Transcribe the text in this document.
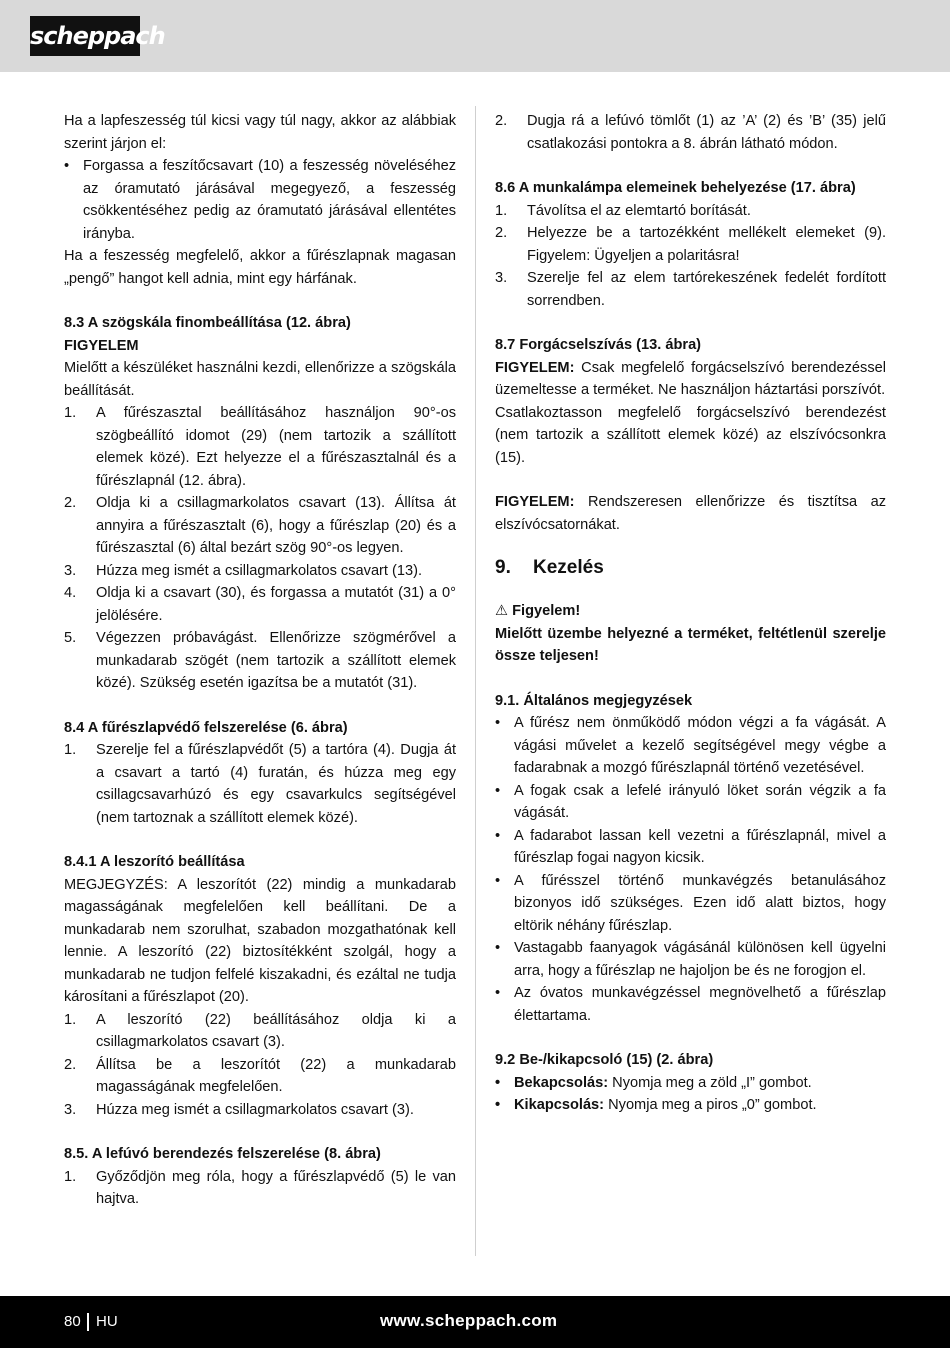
scheppach

Ha a lapfeszesség túl kicsi vagy túl nagy, akkor az alábbiak szerint járjon el:

• Forgassa a feszítőcsavart (10) a feszesség növeléséhez az óramutató járásával megegyező, a feszesség csökkentéséhez pedig az óramutató járásával ellentétes irányba.

Ha a feszesség megfelelő, akkor a fűrészlapnak magasan „pengő” hangot kell adnia, mint egy hárfának.

8.3 A szögskála finombeállítása (12. ábra)
FIGYELEM

Mielőtt a készüléket használni kezdi, ellenőrizze a szögskála beállítását.

1.	A fűrészasztal beállításához használjon 90°-os szögbeállító idomot (29) (nem tartozik a szállított elemek közé). Ezt helyezze el a fűrészasztalnál és a fűrészlapnál (12. ábra).
2.	Oldja ki a csillagmarkolatos csavart (13). Állítsa át annyira a fűrészasztalt (6), hogy a fűrészlap (20) és a fűrészasztal (6) által bezárt szög 90°-os legyen.
3.	Húzza meg ismét a csillagmarkolatos csavart (13).
4.	Oldja ki a csavart (30), és forgassa a mutatót (31) a 0° jelölésére.
5.	Végezzen próbavágást. Ellenőrizze szögmérővel a munkadarab szögét (nem tartozik a szállított elemek közé). Szükség esetén igazítsa be a mutatót (31).
8.4 A fűrészlapvédő felszerelése (6. ábra)
1.	Szerelje fel a fűrészlapvédőt (5) a tartóra (4). Dugja át a csavart a tartó (4) furatán, és húzza meg egy csillagcsavarhúzó és egy csavarkulcs segítségével (nem tartoznak a szállított elemek közé).
8.4.1 A leszorító beállítása

MEGJEGYZÉS: A leszorítót (22) mindig a munkadarab magasságának megfelelően kell beállítani. De a munkadarab nem szorulhat, szabadon mozgathatónak kell lennie. A leszorító (22) biztosítékként szolgál, hogy a munkadarab ne tudjon felfelé kiszakadni, és ezáltal ne tudja károsítani a fűrészlapot (20).

1.	A leszorító (22) beállításához oldja ki a csillagmarkolatos csavart (3).
2.	Állítsa be a leszorítót (22) a munkadarab magasságának megfelelően.
3.	Húzza meg ismét a csillagmarkolatos csavart (3).
8.5. A lefúvó berendezés felszerelése (8. ábra)
1.	Győződjön meg róla, hogy a fűrészlapvédő (5) le van hajtva.
2.	Dugja rá a lefúvó tömlőt (1) az ’A’ (2) és ’B’ (35) jelű csatlakozási pontokra a 8. ábrán látható módon.
8.6 A munkalámpa elemeinek behelyezése (17. ábra)
1.	Távolítsa el az elemtartó borítását.
2.	Helyezze be a tartozékként mellékelt elemeket (9). Figyelem: Ügyeljen a polaritásra!
3.	Szerelje fel az elem tartórekeszének fedelét fordított sorrendben.
8.7 Forgácselszívás (13. ábra)

FIGYELEM: Csak megfelelő forgácselszívó berendezéssel üzemeltesse a terméket. Ne használjon háztartási porszívót.

Csatlakoztasson megfelelő forgácselszívó berendezést (nem tartozik a szállított elemek közé) az elszívócsonkra (15).

FIGYELEM: Rendszeresen ellenőrizze és tisztítsa az elszívócsatornákat.

9. Kezelés
⚠ Figyelem!
Mielőtt üzembe helyezné a terméket, feltétlenül szerelje össze teljesen!
9.1. Általános megjegyzések
• A fűrész nem önműködő módon végzi a fa vágását. A vágási művelet a kezelő segítségével megy végbe a fadarabnak a mozgó fűrészlapnál történő vezetésével.
• A fogak csak a lefelé irányuló löket során végzik a fa vágását.
• A fadarabot lassan kell vezetni a fűrészlapnál, mivel a fűrészlap fogai nagyon kicsik.
• A fűrésszel történő munkavégzés betanulásához bizonyos idő szükséges. Ezen idő alatt biztos, hogy eltörik néhány fűrészlap.
• Vastagabb faanyagok vágásánál különösen kell ügyelni arra, hogy a fűrészlap ne hajoljon be és ne forogjon el.
• Az óvatos munkavégzéssel megnövelhető a fűrészlap élettartama.
9.2 Be-/kikapcsoló (15) (2. ábra)
• Bekapcsolás: Nyomja meg a zöld „I” gombot.
• Kikapcsolás: Nyomja meg a piros „0” gombot.
80 HU	www.scheppach.com
